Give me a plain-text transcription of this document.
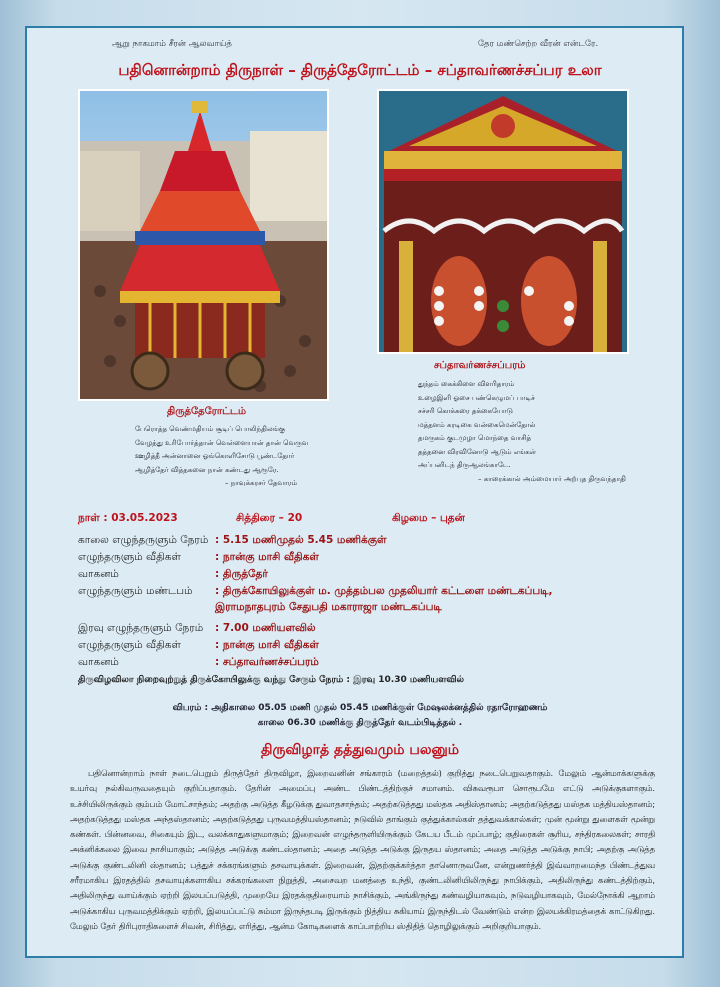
ஆறு நாகமாம் சீரன் ஆலவாய்த்	தேர மண்செற்ற வீரன் என்டரே.
பதினொன்றாம் திருநாள் – திருத்தேரோட்டம் – சப்தாவர்ணச்சப்பர உலா
சப்தாவர்ணச்சப்பரம்
துந்தம் கைக்கிளை விளரிதாரம்
உழைஇளி ஓசை பண்கெழுமப் பாடிச்
சச்சரி கொக்கரை தக்கையோடு
மத்தளம் கரடிகை வன்கைமென்தோல்
தமருகம் குடமுழா மொந்தை வாசித்
தத்தனை விரவினோடு ஆடும் எங்கள்
அப்பனிடந் திருஆலங்காடே.
– காரைக்கால் அம்மையார் அற்புத திருவந்தாதி
திருத்தேரோட்டம்
பேரொத்த வெண்மதியம் சூடிப் பொலிந்திலங்கு
வேழத்து உரிபோர்த்தான் வெள்ளையான் தான் வெருவ
ஊழித்தீ அன்னானை ஓங்கொளிசோடு பூண்டதோர்
ஆழித்தேர் வித்தகனை நான் கண்டது ஆரூரே.
– நாவுக்கரசர் தேவாரம்
நாள் : 03.05.2023	சித்திரை – 20	கிழமை – புதன்
காலை எழுந்தருளும் நேரம் : 5.15 மணிமுதல் 5.45 மணிக்குள்
எழுந்தருளும் வீதிகள்	: நான்கு மாசி வீதிகள்
வாகனம்	: திருத்தேர்
எழுந்தருளும் மண்டபம் : திருக்கோயிலுக்குள் ம. முத்தம்பல முதலியார் கட்டளை மண்டகப்படி,
இராமநாதபுரம் சேதுபதி மகாராஜா மண்டகப்படி
இரவு எழுந்தருளும் நேரம் : 7.00 மணியளவில்
எழுந்தருளும் வீதிகள்	: நான்கு மாசி வீதிகள்
வாகனம்	: சப்தாவர்ணச்சப்பரம்
திருவிழவிலா நிறைவுற்றுத் திருக்கோயிலுக்கு வந்து சேரும் நேரம் : இரவு 10.30 மணியளவில்
விபரம் : அதிகாலை 05.05 மணி முதல் 05.45 மணிக்குள் மேஷலக்னத்தில் ரதாரோஹணம்
காலை 06.30 மணிக்கு திருத்தேர் வடம்பிடித்தல் .
திருவிழாத் தத்துவமும் பலனும்
பதினொன்றாம் நாள் நடைபெறும் திருத்தேர் திருவிழா, இறைவனின் சங்காரம் (மறைத்தல்) குறித்து நடைபெறுவதாகும். மேலும் ஆன்மாக்களுக்கு உயர்வு நல்கிவருவதையும் குறிப்பதாகும். தேரின் அமைப்பு அண்ட பிண்டத்திற்குச் சமானம். விசுவரூபா சொரூபமே எட்டு அடுக்குகளாகும். உச்சியிலிருக்கும் கும்பம் மோட்சாந்தம்; அதற்கு அடுத்த கீழடுக்கு துவாதசாந்தம்; அதற்கடுத்தது மஸ்தக அதிஸ்தானம்; அதற்கடுத்தது மஸ்தக மத்தியஸ்தானம்; அதற்கடுத்தது மஸ்தக அந்தஸ்தானம்; அதற்கடுத்தது புருவமத்தியஸ்தானம்; நடுவில் தாங்கும் குத்துக்கால்கள் தத்துவக்கால்கள்; முன் மூன்று துளைகள் மூன்று கண்கள். பின்னவை, சிகையும் இட, வலக்காதுகளுமாகும்; இறைவன் எழுந்தருளியிருக்கும் கேடய பீடம் முப்பாழ்; குதிரைகள் சூரிய, சந்திரகலைகள்; சாரதி அக்னிக்கலை இவை நாசியாகும்; அடுத்த அடுக்கு கண்டஸ்தானம்; அதை அடுத்த அடுக்கு இருதய ஸ்தானம்; அதை அடுத்த அடுக்கு நாபி; அதற்கு அடுத்த அடுக்கு குண்டலினி ஸ்தானம்; பத்துச் சக்கரங்களும் தசவாயுக்கள். இறைவன், இதற்குக்கர்த்தா தானொருவனே, என்றுணர்த்தி இவ்வாறமைந்த பிண்டத்துவ சரீரமாகிய இரதத்தில் தசவாயுக்களாகிய சக்கரங்களை நிறுத்தி, அசைவற மனத்தை உந்தி, குண்டலினியிலிருந்து நாபிக்கும், அதிலிருந்து கண்டத்திற்கும், அதிலிருந்து வாய்க்கும் ஏற்றி இலயப்படுத்தி, முறையே இரதக்குதிரையாம் நாசிக்கும், அங்கிருந்து கண்வழியாகவும், நடுவழியாகவும், மேல்நோக்கி ஆறாம் அடுக்காகிய புருவமத்திக்கும் ஏற்றி, இலயப்பட்டு சும்மா இருந்தபடி இருக்கும் நித்திய சுகியாய் இருந்திடல் வேண்டும் என்ற இலயக்கிரமத்தைக் காட்டுகிறது. மேலும் தேர் திரிபுராதிகளைச் சிவன், சிரித்து, எரித்து, ஆன்ம கோடிகளைக் காப்பாற்றிய ஸ்திதித் தொழிலுக்கும் அறிகுறியாகும்.
